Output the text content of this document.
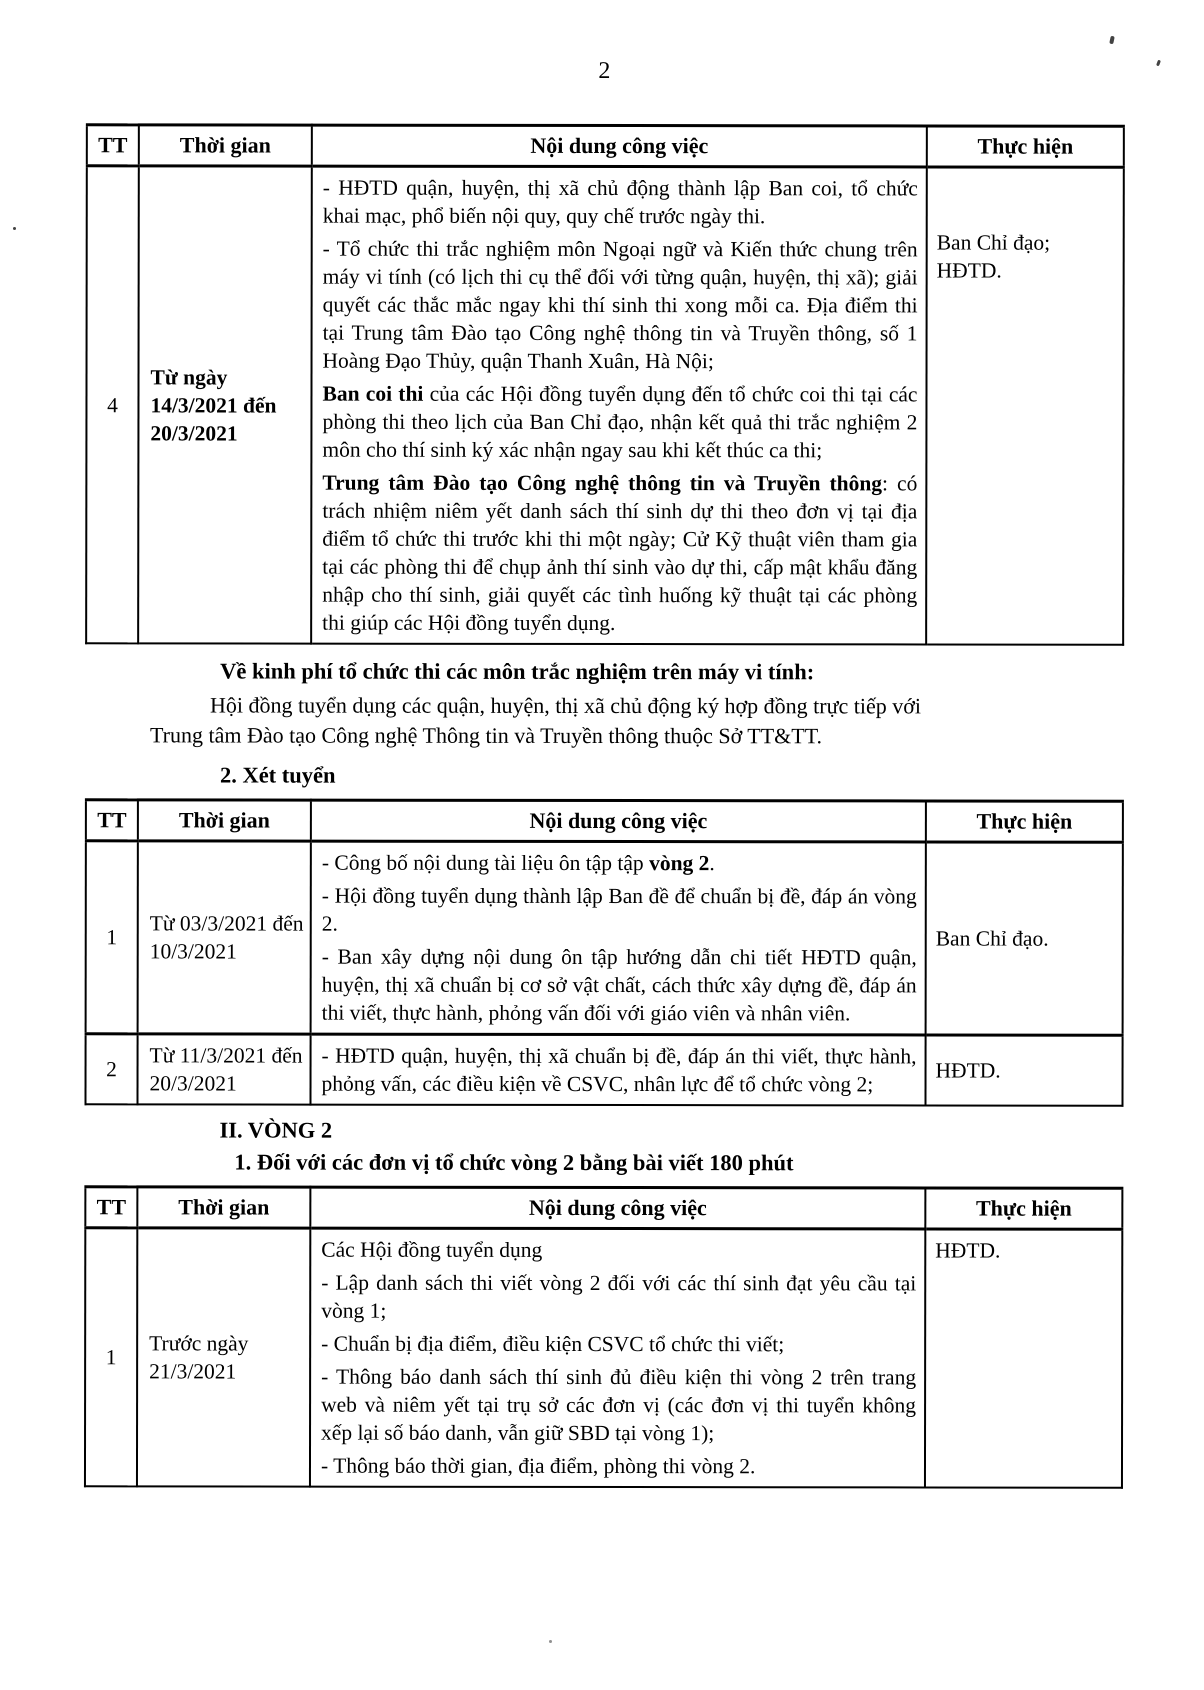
2
TT	Thời gian	Nội dung công việc	Thực hiện
4	Từ ngày 14/3/2021 đến 20/3/2021	- HĐTD quận, huyện, thị xã chủ động thành lập Ban coi, tổ chức khai mạc, phổ biến nội quy, quy chế trước ngày thi.

- Tổ chức thi trắc nghiệm môn Ngoại ngữ và Kiến thức chung trên máy vi tính (có lịch thi cụ thể đối với từng quận, huyện, thị xã); giải quyết các thắc mắc ngay khi thí sinh thi xong mỗi ca. Địa điểm thi tại Trung tâm Đào tạo Công nghệ thông tin và Truyền thông, số 1 Hoàng Đạo Thủy, quận Thanh Xuân, Hà Nội;

Ban coi thi của các Hội đồng tuyển dụng đến tổ chức coi thi tại các phòng thi theo lịch của Ban Chỉ đạo, nhận kết quả thi trắc nghiệm 2 môn cho thí sinh ký xác nhận ngay sau khi kết thúc ca thi;

Trung tâm Đào tạo Công nghệ thông tin và Truyền thông: có trách nhiệm niêm yết danh sách thí sinh dự thi theo đơn vị tại địa điểm tổ chức thi trước khi thi một ngày; Cử Kỹ thuật viên tham gia tại các phòng thi để chụp ảnh thí sinh vào dự thi, cấp mật khẩu đăng nhập cho thí sinh, giải quyết các tình huống kỹ thuật tại các phòng thi giúp các Hội đồng tuyển dụng.	Ban Chỉ đạo; HĐTD.
Về kinh phí tổ chức thi các môn trắc nghiệm trên máy vi tính:
Hội đồng tuyển dụng các quận, huyện, thị xã chủ động ký hợp đồng trực tiếp với
Trung tâm Đào tạo Công nghệ Thông tin và Truyền thông thuộc Sở TT&TT.
2. Xét tuyển
TT	Thời gian	Nội dung công việc	Thực hiện
1	Từ 03/3/2021 đến 10/3/2021	- Công bố nội dung tài liệu ôn tập tập vòng 2.

- Hội đồng tuyển dụng thành lập Ban đề để chuẩn bị đề, đáp án vòng 2.

- Ban xây dựng nội dung ôn tập hướng dẫn chi tiết HĐTD quận, huyện, thị xã chuẩn bị cơ sở vật chất, cách thức xây dựng đề, đáp án thi viết, thực hành, phỏng vấn đối với giáo viên và nhân viên.	Ban Chỉ đạo.
2	Từ 11/3/2021 đến 20/3/2021	- HĐTD quận, huyện, thị xã chuẩn bị đề, đáp án thi viết, thực hành, phỏng vấn, các điều kiện về CSVC, nhân lực để tổ chức vòng 2;	HĐTD.
II. VÒNG 2
1. Đối với các đơn vị tổ chức vòng 2 bằng bài viết 180 phút
TT	Thời gian	Nội dung công việc	Thực hiện
1	Trước ngày 21/3/2021	Các Hội đồng tuyển dụng

- Lập danh sách thi viết vòng 2 đối với các thí sinh đạt yêu cầu tại vòng 1;

- Chuẩn bị địa điểm, điều kiện CSVC tổ chức thi viết;

- Thông báo danh sách thí sinh đủ điều kiện thi vòng 2 trên trang web và niêm yết tại trụ sở các đơn vị (các đơn vị thi tuyển không xếp lại số báo danh, vẫn giữ SBD tại vòng 1);

- Thông báo thời gian, địa điểm, phòng thi vòng 2.	HĐTD.
